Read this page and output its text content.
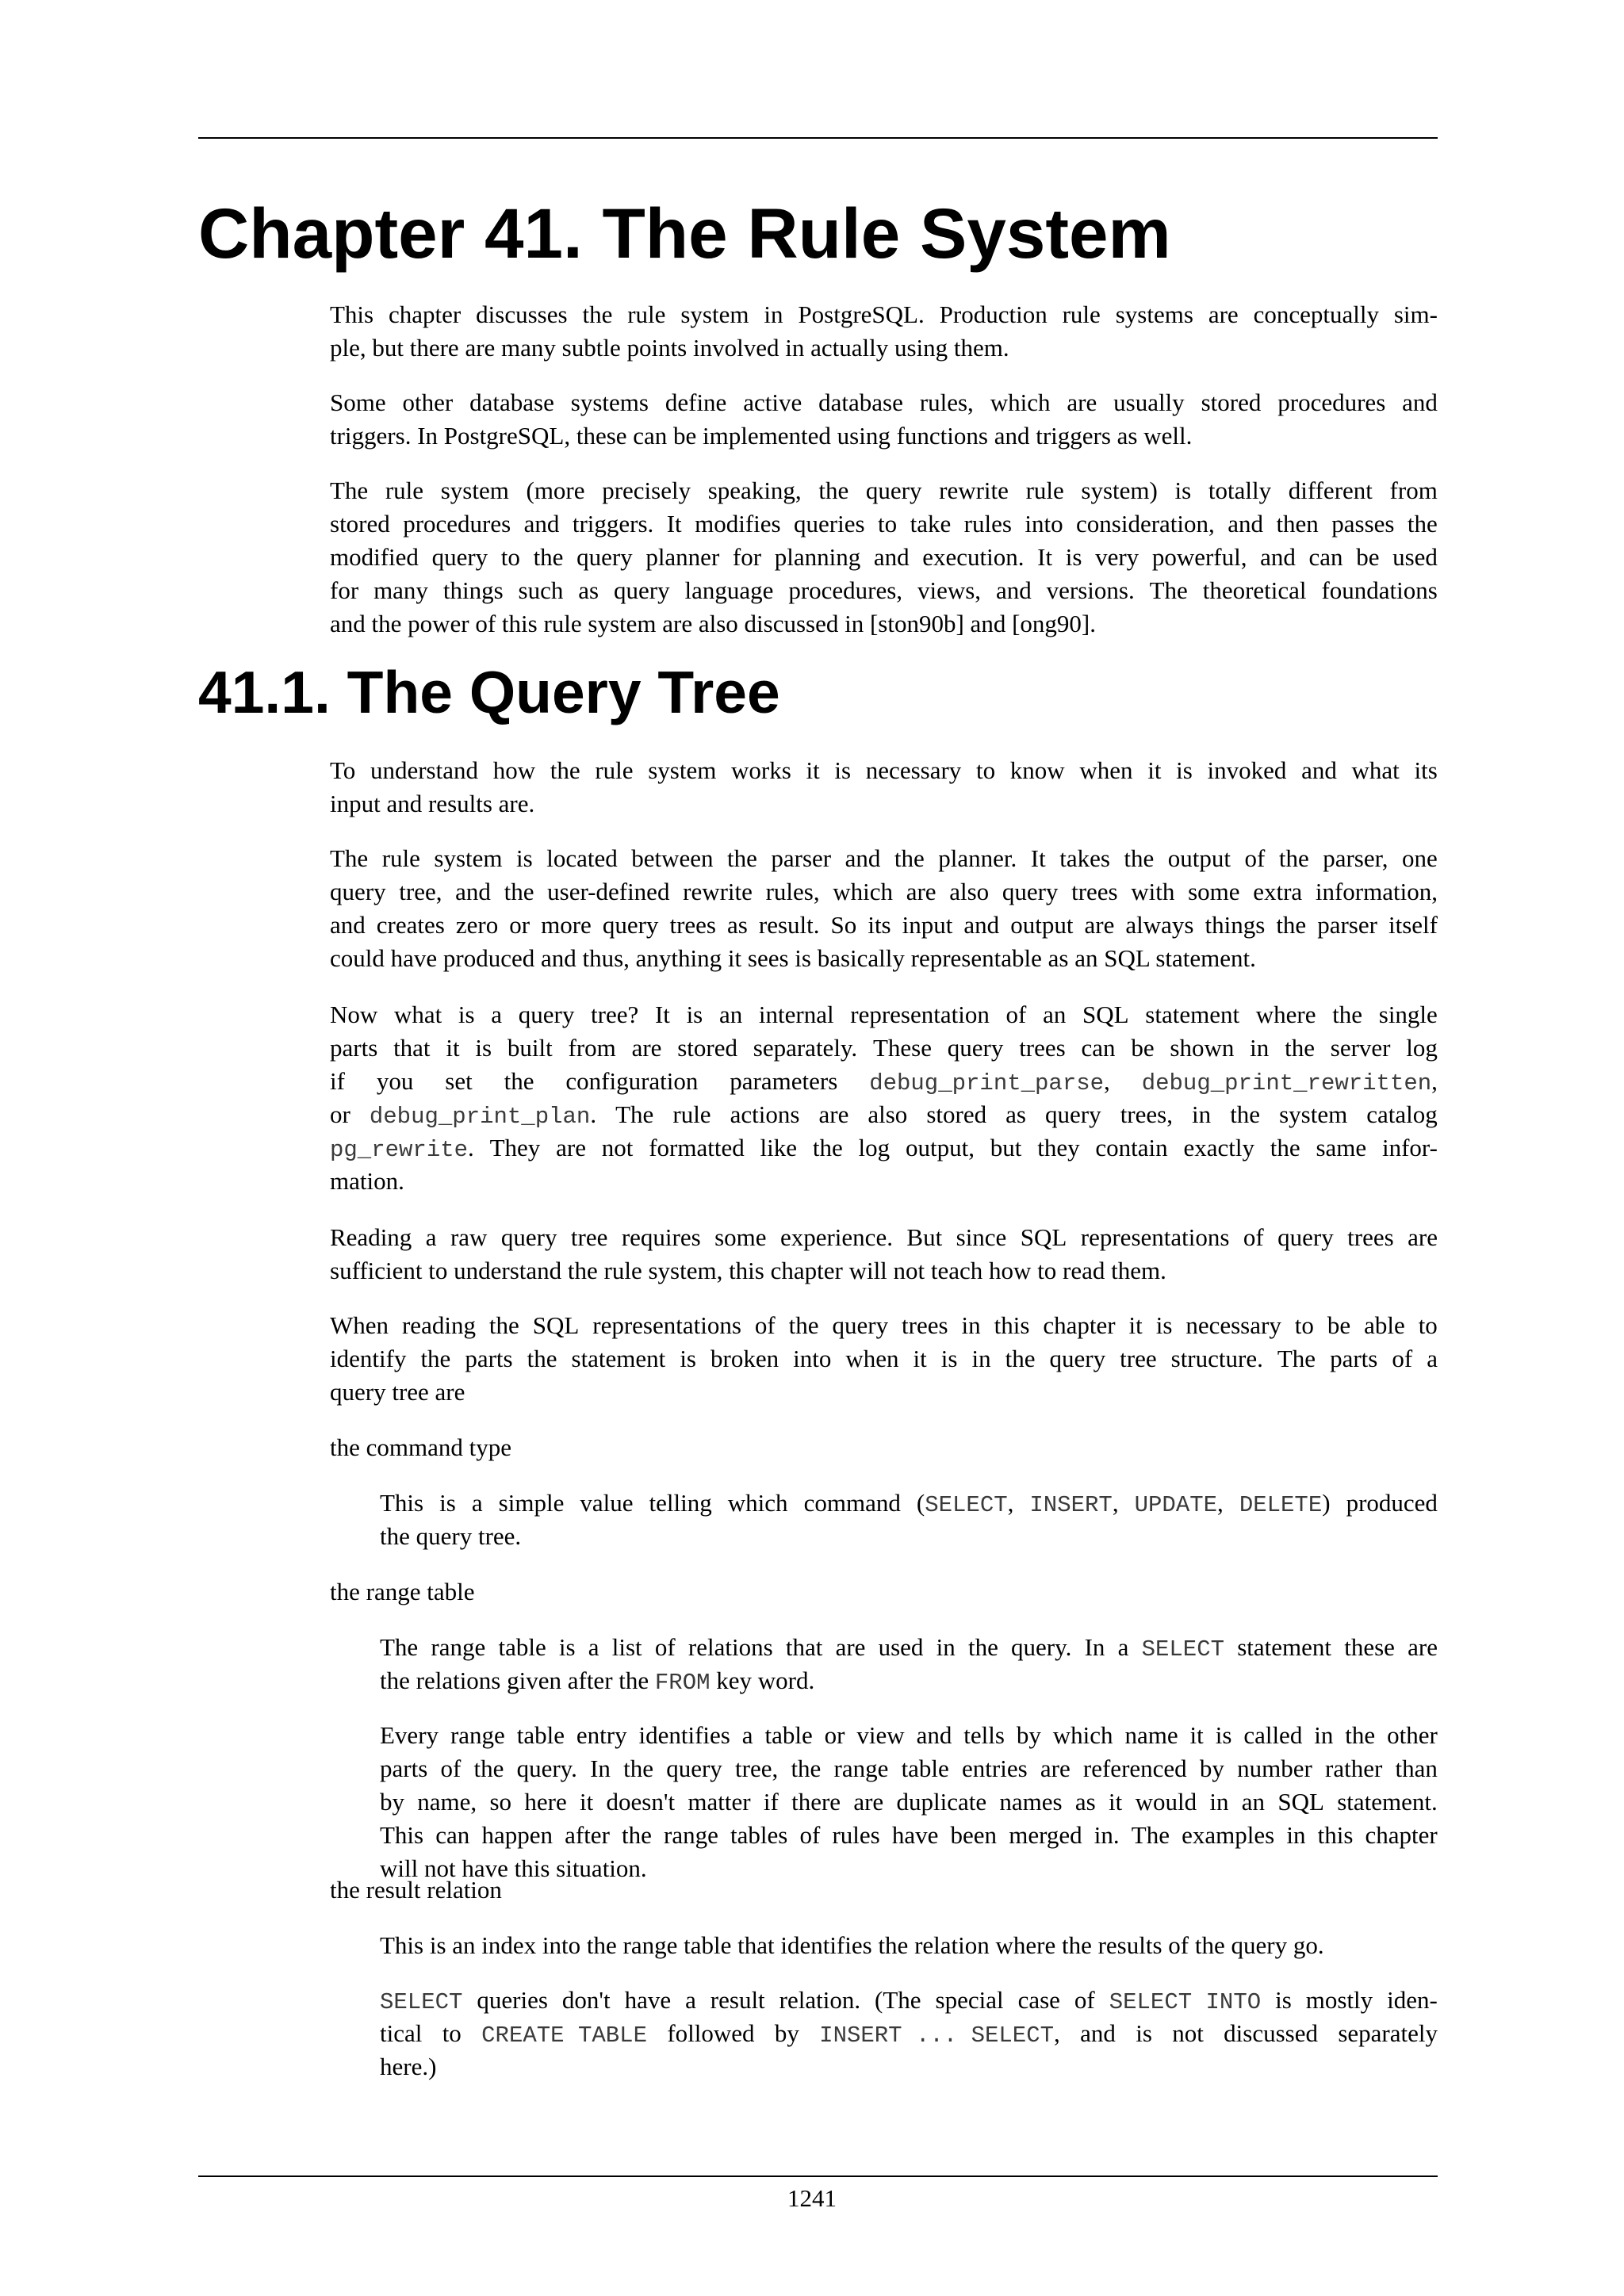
Chapter 41. The Rule System
This chapter discusses the rule system in PostgreSQL. Production rule systems are conceptually sim-
ple, but there are many subtle points involved in actually using them.
Some other database systems define active database rules, which are usually stored procedures and
triggers. In PostgreSQL, these can be implemented using functions and triggers as well.
The rule system (more precisely speaking, the query rewrite rule system) is totally different from
stored procedures and triggers. It modifies queries to take rules into consideration, and then passes the
modified query to the query planner for planning and execution. It is very powerful, and can be used
for many things such as query language procedures, views, and versions. The theoretical foundations
and the power of this rule system are also discussed in [ston90b] and [ong90].
41.1. The Query Tree
To understand how the rule system works it is necessary to know when it is invoked and what its
input and results are.
The rule system is located between the parser and the planner. It takes the output of the parser, one
query tree, and the user-defined rewrite rules, which are also query trees with some extra information,
and creates zero or more query trees as result. So its input and output are always things the parser itself
could have produced and thus, anything it sees is basically representable as an SQL statement.
Now what is a query tree? It is an internal representation of an SQL statement where the single
parts that it is built from are stored separately. These query trees can be shown in the server log
if you set the configuration parameters debug_print_parse, debug_print_rewritten,
or debug_print_plan. The rule actions are also stored as query trees, in the system catalog
pg_rewrite. They are not formatted like the log output, but they contain exactly the same infor-
mation.
Reading a raw query tree requires some experience. But since SQL representations of query trees are
sufficient to understand the rule system, this chapter will not teach how to read them.
When reading the SQL representations of the query trees in this chapter it is necessary to be able to
identify the parts the statement is broken into when it is in the query tree structure. The parts of a
query tree are
the command type
This is a simple value telling which command (SELECT, INSERT, UPDATE, DELETE) produced
the query tree.
the range table
The range table is a list of relations that are used in the query. In a SELECT statement these are
the relations given after the FROM key word.
Every range table entry identifies a table or view and tells by which name it is called in the other
parts of the query. In the query tree, the range table entries are referenced by number rather than
by name, so here it doesn't matter if there are duplicate names as it would in an SQL statement.
This can happen after the range tables of rules have been merged in. The examples in this chapter
will not have this situation.
the result relation
This is an index into the range table that identifies the relation where the results of the query go.
SELECT queries don't have a result relation. (The special case of SELECT INTO is mostly iden-
tical to CREATE TABLE followed by INSERT ... SELECT, and is not discussed separately
here.)
1241
